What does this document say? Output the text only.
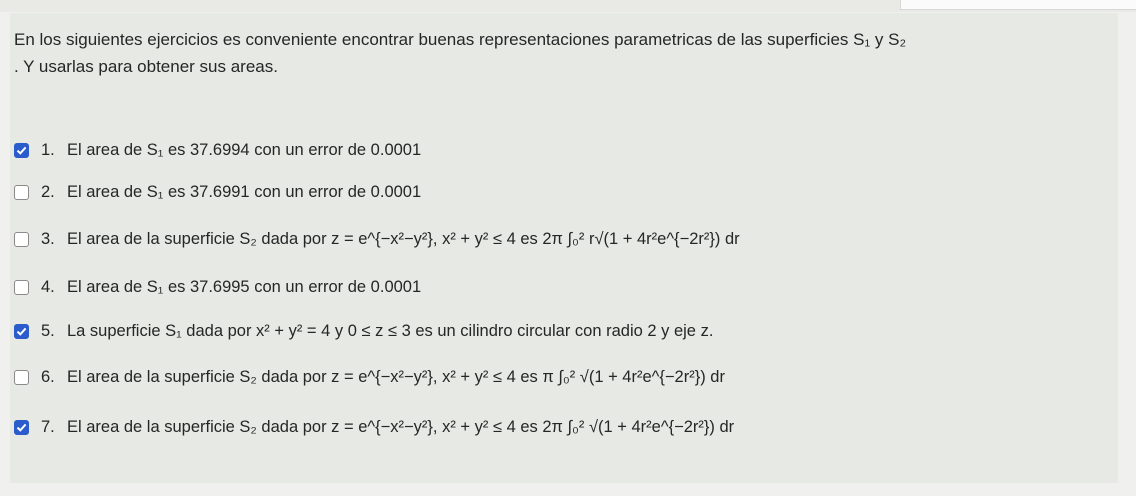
En los siguientes ejercicios es conveniente encontrar buenas representaciones parametricas de las superficies S₁ y S₂
. Y usarlas para obtener sus areas.
1. El area de S₁ es 37.6994 con un error de 0.0001
2. El area de S₁ es 37.6991 con un error de 0.0001
3. El area de la superficie S₂ dada por z = e^{−x²−y²}, x² + y² ≤ 4 es 2π ∫₀² r√(1 + 4r²e^{−2r²}) dr
4. El area de S₁ es 37.6995 con un error de 0.0001
5. La superficie S₁ dada por x² + y² = 4 y 0 ≤ z ≤ 3 es un cilindro circular con radio 2 y eje z.
6. El area de la superficie S₂ dada por z = e^{−x²−y²}, x² + y² ≤ 4 es π ∫₀² √(1 + 4r²e^{−2r²}) dr
7. El area de la superficie S₂ dada por z = e^{−x²−y²}, x² + y² ≤ 4 es 2π ∫₀² √(1 + 4r²e^{−2r²}) dr
